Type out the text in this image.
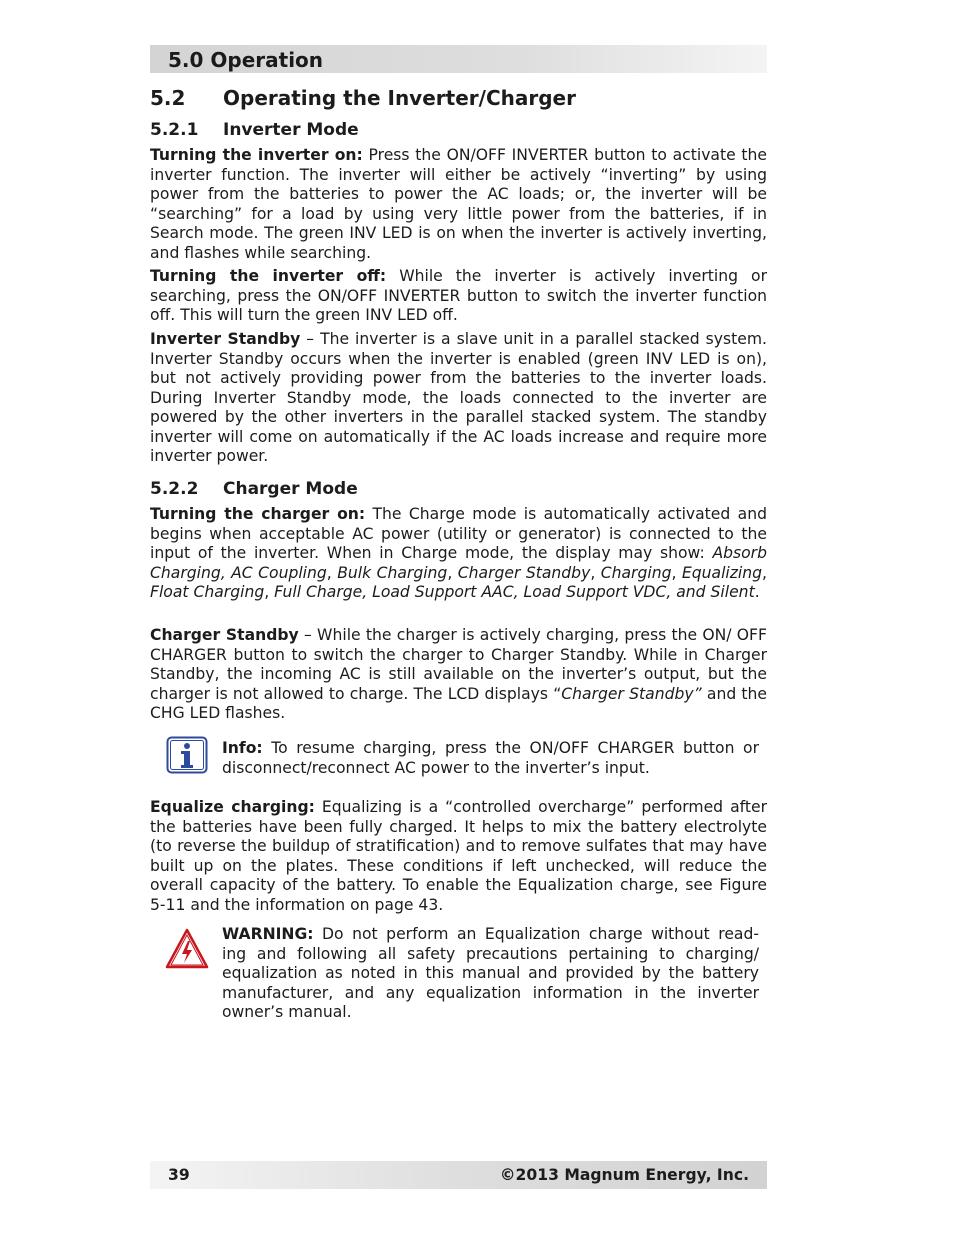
5.0 Operation
5.2 Operating the Inverter/Charger
5.2.1 Inverter Mode

Turning the inverter on: Press the ON/OFF INVERTER button to activate the inverter function. The inverter will either be actively “inverting” by using power from the batteries to power the AC loads; or, the inverter will be “searching” for a load by using very little power from the batteries, if in Search mode. The green INV LED is on when the inverter is actively inverting, and flashes while searching.

Turning the inverter off: While the inverter is actively inverting or searching, press the ON/OFF INVERTER button to switch the inverter function off. This will turn the green INV LED off.

Inverter Standby – The inverter is a slave unit in a parallel stacked system. Inverter Standby occurs when the inverter is enabled (green INV LED is on), but not actively providing power from the batteries to the inverter loads. During Inverter Standby mode, the loads connected to the inverter are powered by the other inverters in the parallel stacked system. The standby inverter will come on automatically if the AC loads increase and require more inverter power.

5.2.2 Charger Mode

Turning the charger on: The Charge mode is automatically activated and begins when acceptable AC power (utility or generator) is connected to the input of the inverter. When in Charge mode, the display may show: Absorb Charging, AC Coupling, Bulk Charging, Charger Standby, Charging, Equalizing, Float Charging, Full Charge, Load Support AAC, Load Support VDC, and Silent.

Charger Standby – While the charger is actively charging, press the ON/ OFF CHARGER button to switch the charger to Charger Standby. While in Charger Standby, the incoming AC is still available on the inverter’s output, but the charger is not allowed to charge. The LCD displays “Charger Standby” and the CHG LED flashes.

Info: To resume charging, press the ON/OFF CHARGER button or disconnect/reconnect AC power to the inverter’s input.

Equalize charging: Equalizing is a “controlled overcharge” performed after the batteries have been fully charged. It helps to mix the battery electrolyte (to reverse the buildup of stratification) and to remove sulfates that may have built up on the plates. These conditions if left unchecked, will reduce the overall capacity of the battery. To enable the Equalization charge, see Figure 5-11 and the information on page 43.

WARNING: Do not perform an Equalization charge without read- ing and following all safety precautions pertaining to charging/ equalization as noted in this manual and provided by the battery manufacturer, and any equalization information in the inverter owner’s manual.

39	©2013 Magnum Energy, Inc.
